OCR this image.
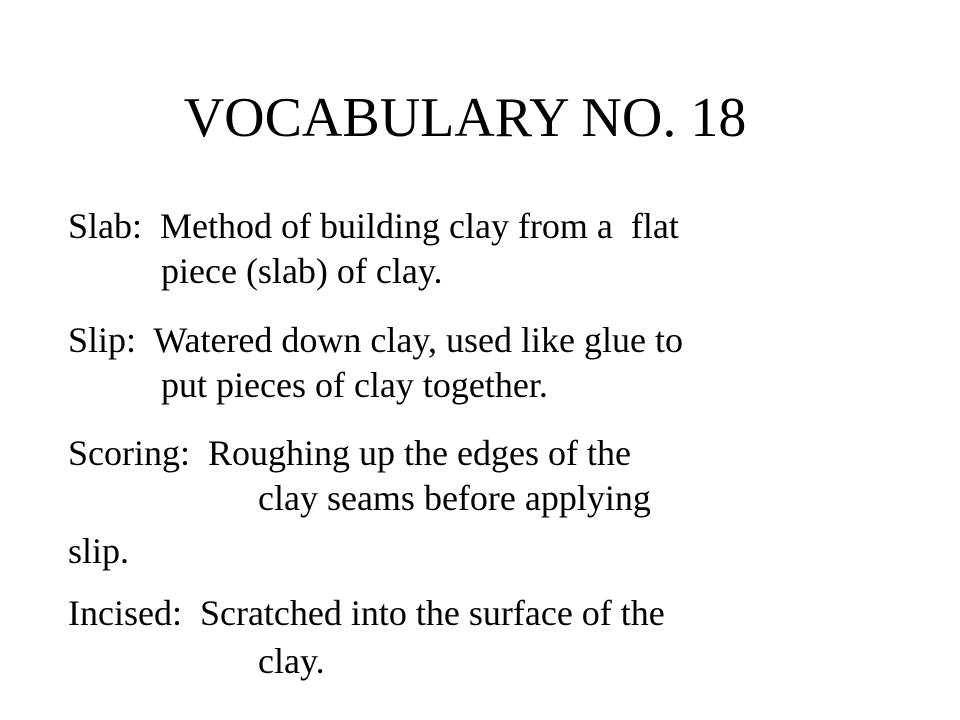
VOCABULARY NO. 18
Slab:  Method of building clay from a  flat
piece (slab) of clay.
Slip:  Watered down clay, used like glue to
put pieces of clay together.
Scoring:  Roughing up the edges of the
clay seams before applying
slip.
Incised:  Scratched into the surface of the
clay.
